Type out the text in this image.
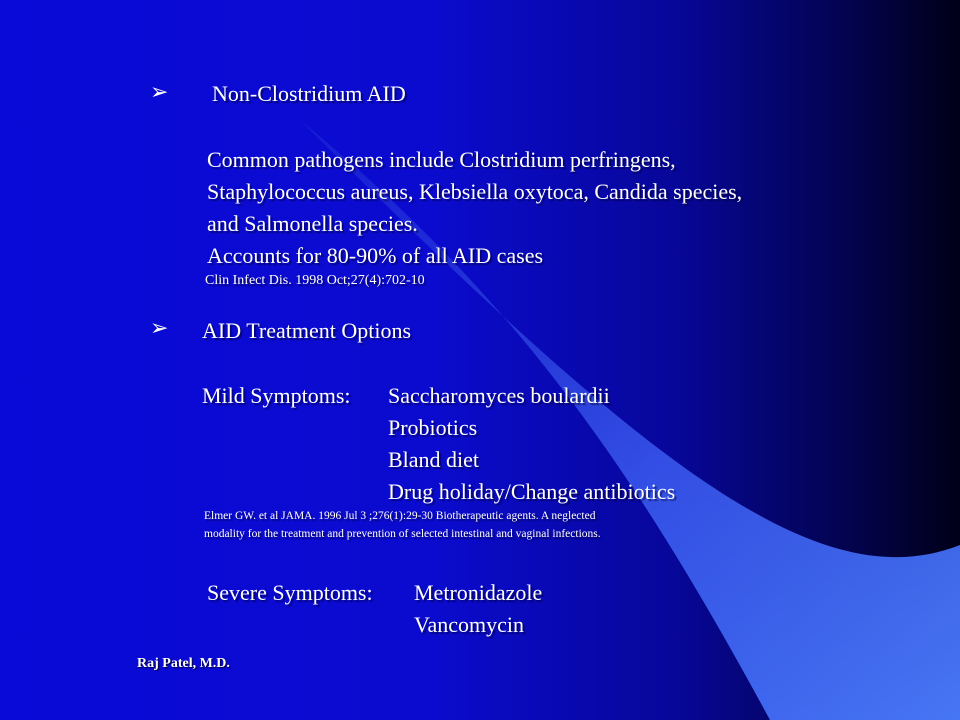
➢ Non-Clostridium AID
Common pathogens include Clostridium perfringens,
Staphylococcus aureus, Klebsiella oxytoca, Candida species,
and Salmonella species.
Accounts for 80-90% of all AID cases
Clin Infect Dis. 1998 Oct;27(4):702-10
➢ AID Treatment Options
Mild Symptoms: Saccharomyces boulardii
Probiotics
Bland diet
Drug holiday/Change antibiotics
Elmer GW. et al JAMA. 1996 Jul 3 ;276(1):29-30 Biotherapeutic agents. A neglected
modality for the treatment and prevention of selected intestinal and vaginal infections.
Severe Symptoms: Metronidazole
Vancomycin
Raj Patel, M.D.
